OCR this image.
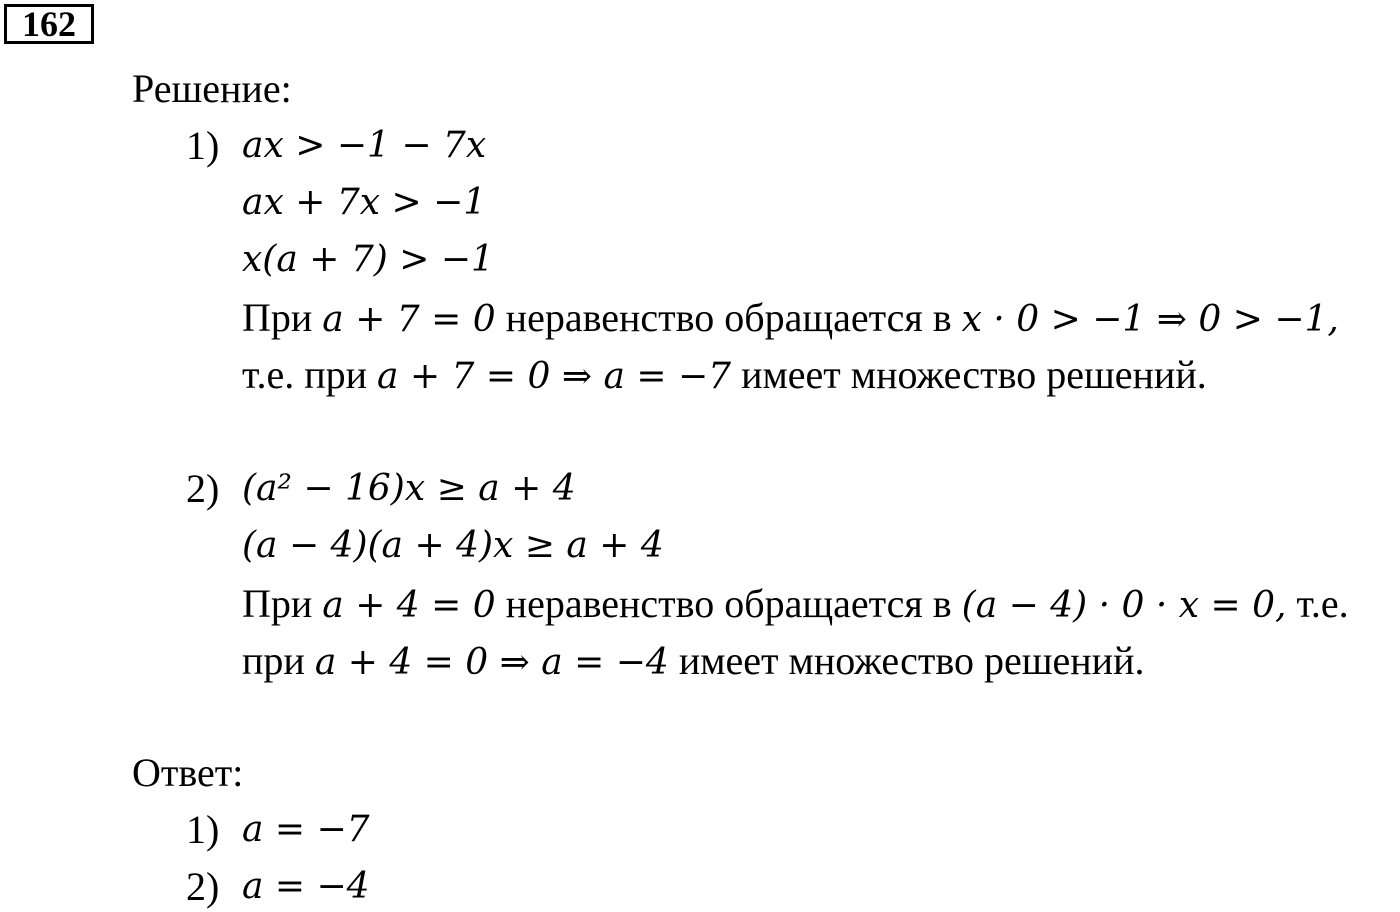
162
Решение:
1) ax > −1 − 7x
ax + 7x > −1
x(a + 7) > −1
При a + 7 = 0 неравенство обращается в x · 0 > −1 ⇒ 0 > −1,
т.е. при a + 7 = 0 ⇒ a = −7 имеет множество решений.
2) (a² − 16)x ≥ a + 4
(a − 4)(a + 4)x ≥ a + 4
При a + 4 = 0 неравенство обращается в (a − 4) · 0 · x = 0, т.е.
при a + 4 = 0 ⇒ a = −4 имеет множество решений.
Ответ:
1) a = −7
2) a = −4
